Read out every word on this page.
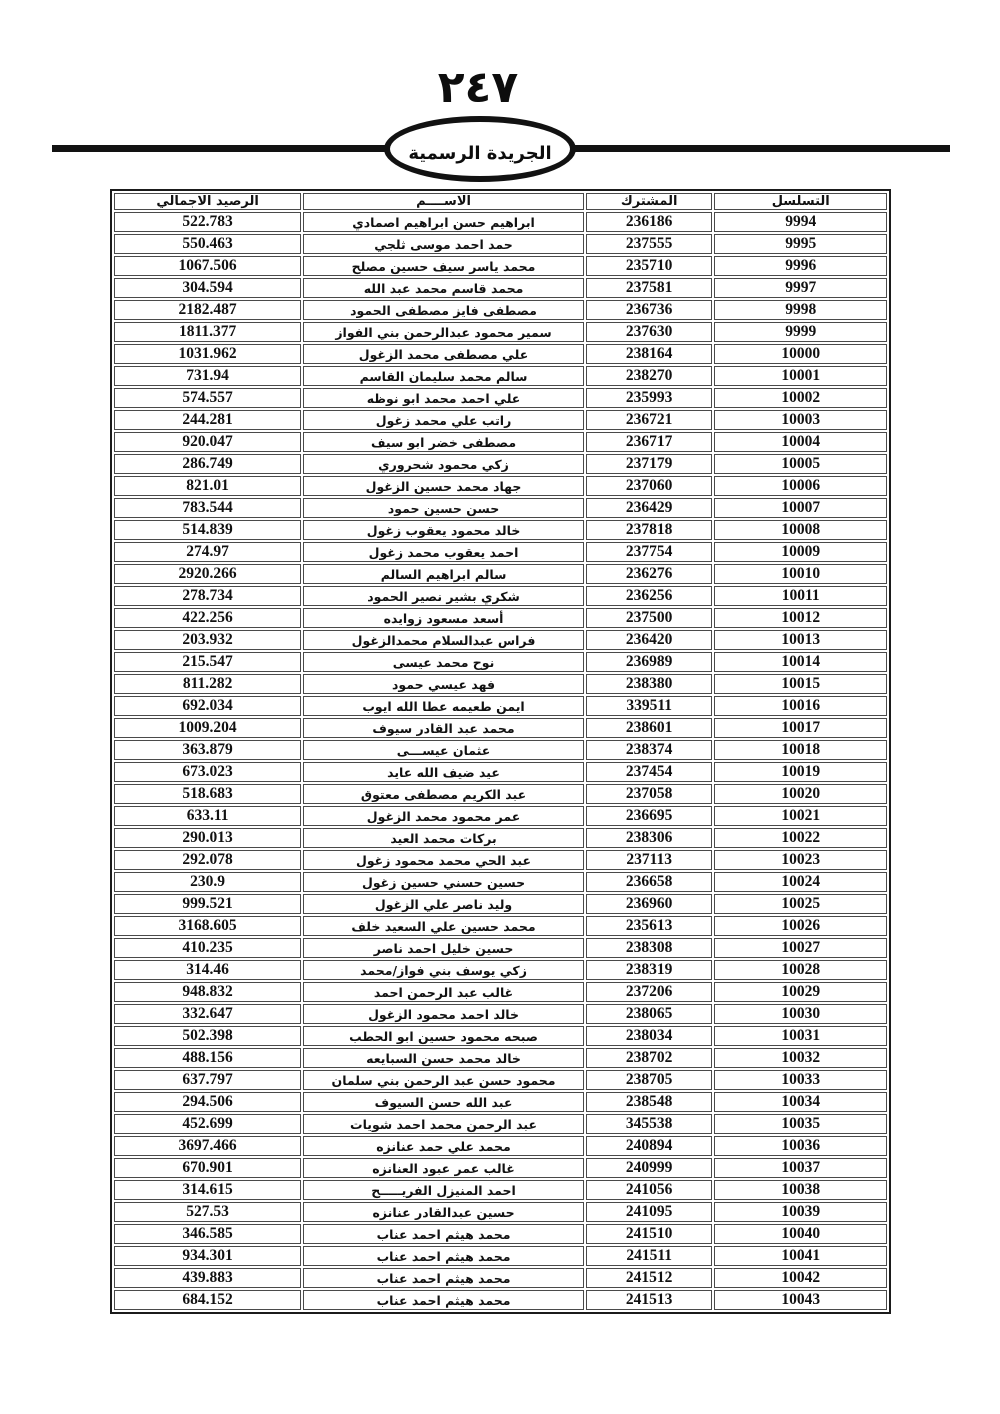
٢٤٧
الجريدة الرسمية
التسلسل	المشترك	الاســــم	الرصيد الاجمالي
9994	236186	ابراهيم حسن ابراهيم اصمادي	522.783
9995	237555	حمد احمد موسى ثلجي	550.463
9996	235710	محمد ياسر سيف حسين مصلح	1067.506
9997	237581	محمد قاسم محمد عبد الله	304.594
9998	236736	مصطفى فايز مصطفى الحمود	2182.487
9999	237630	سمير محمود عبدالرحمن بني الفواز	1811.377
10000	238164	علي مصطفى محمد الزغول	1031.962
10001	238270	سالم محمد سليمان القاسم	731.94
10002	235993	علي احمد محمد ابو نوظه	574.557
10003	236721	راتب علي محمد زغول	244.281
10004	236717	مصطفى خضر ابو سيف	920.047
10005	237179	زكي محمود شحروري	286.749
10006	237060	جهاد محمد حسين الزغول	821.01
10007	236429	حسن حسين حمود	783.544
10008	237818	خالد محمود يعقوب زغول	514.839
10009	237754	احمد يعقوب محمد زغول	274.97
10010	236276	سالم ابراهيم السالم	2920.266
10011	236256	شكري بشير نصير الحمود	278.734
10012	237500	أسعد مسعود زوايده	422.256
10013	236420	فراس عبدالسلام محمدالزغول	203.932
10014	236989	نوح محمد عيسى	215.547
10015	238380	فهد عيسي حمود	811.282
10016	339511	ايمن طعيمه عطا الله ايوب	692.034
10017	238601	محمد عبد القادر سيوف	1009.204
10018	238374	عثمان عيســـى	363.879
10019	237454	عيد ضيف الله عايد	673.023
10020	237058	عبد الكريم مصطفى معتوق	518.683
10021	236695	عمر محمود محمد الزغول	633.11
10022	238306	بركات محمد العيد	290.013
10023	237113	عبد الحي محمد محمود زغول	292.078
10024	236658	حسين حسني حسين زغول	230.9
10025	236960	وليد ناصر علي الزغول	999.521
10026	235613	محمد حسين علي السعيد خلف	3168.605
10027	238308	حسين خليل احمد ناصر	410.235
10028	238319	زكي يوسف بني فواز/محمد	314.46
10029	237206	غالب عبد الرحمن احمد	948.832
10030	238065	خالد احمد محمود الزغول	332.647
10031	238034	صبحه محمود حسين ابو الحطب	502.398
10032	238702	خالد محمد حسن السبايعه	488.156
10033	238705	محمود حسن عبد الرحمن بني سلمان	637.797
10034	238548	عبد الله حسن السيوف	294.506
10035	345538	عبد الرحمن محمد احمد شويات	452.699
10036	240894	محمد علي حمد عنانزه	3697.466
10037	240999	غالب عمر عبود العنانزه	670.901
10038	241056	احمد المنيزل الفريـــــح	314.615
10039	241095	حسين عبدالقادر عنانزه	527.53
10040	241510	محمد هيثم احمد عناب	346.585
10041	241511	محمد هيثم احمد عناب	934.301
10042	241512	محمد هيثم احمد عناب	439.883
10043	241513	محمد هيثم احمد عناب	684.152
